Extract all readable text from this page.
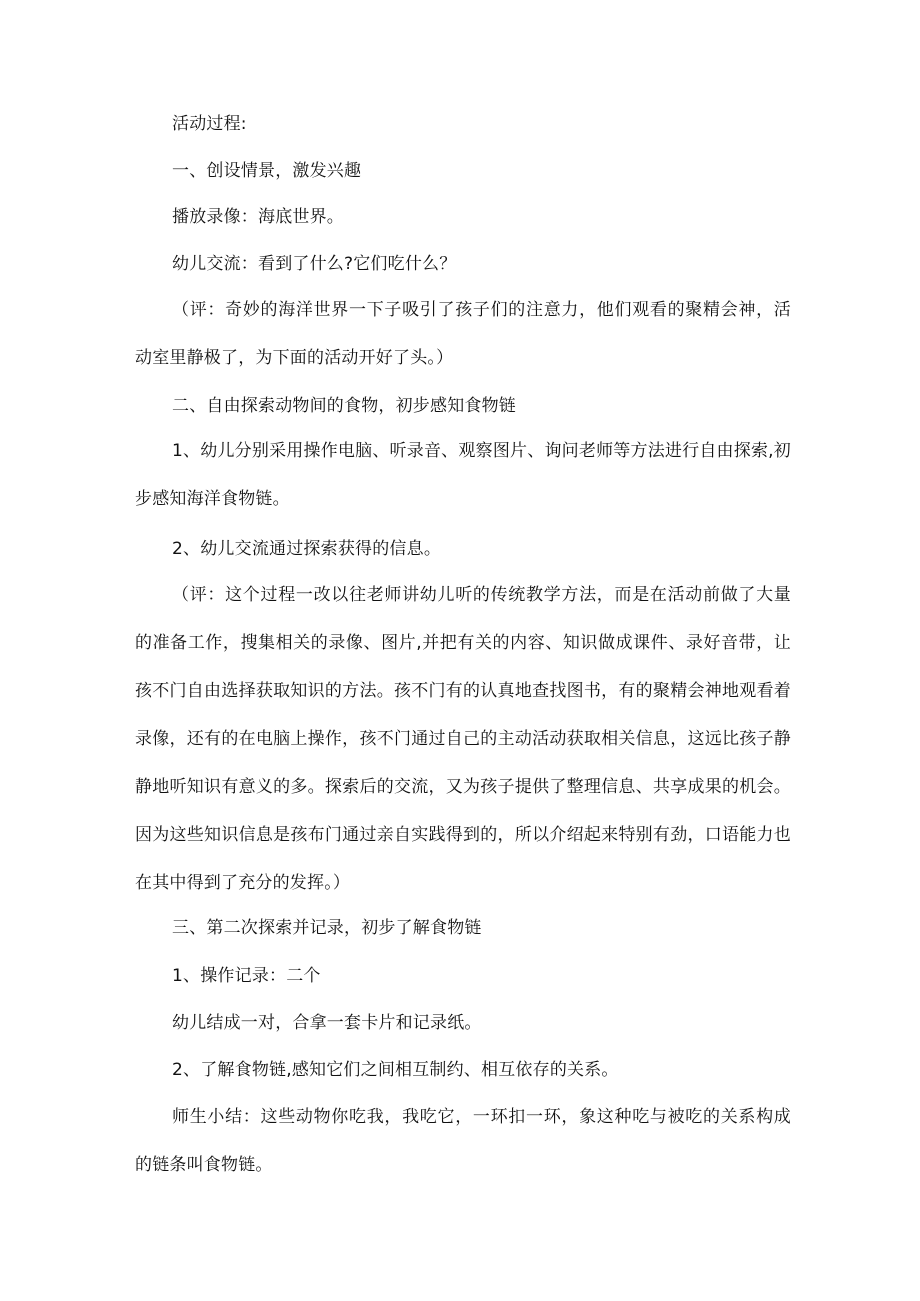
活动过程:
一、创设情景，激发兴趣
播放录像：海底世界。
幼儿交流：看到了什么?它们吃什么？
（评：奇妙的海洋世界一下子吸引了孩子们的注意力，他们观看的聚精会神，活动室里静极了，为下面的活动开好了头。）
二、自由探索动物间的食物，初步感知食物链
1、幼儿分别采用操作电脑、听录音、观察图片、询问老师等方法进行自由探索,初步感知海洋食物链。
2、幼儿交流通过探索获得的信息。
（评：这个过程一改以往老师讲幼儿听的传统教学方法，而是在活动前做了大量的准备工作，搜集相关的录像、图片,并把有关的内容、知识做成课件、录好音带，让孩不门自由选择获取知识的方法。孩不门有的认真地查找图书，有的聚精会神地观看着录像，还有的在电脑上操作，孩不门通过自己的主动活动获取相关信息，这远比孩子静静地听知识有意义的多。探索后的交流，又为孩子提供了整理信息、共享成果的机会。因为这些知识信息是孩布门通过亲自实践得到的，所以介绍起来特别有劲，口语能力也在其中得到了充分的发挥。）
三、第二次探索并记录，初步了解食物链
1、操作记录：二个
幼儿结成一对，合拿一套卡片和记录纸。
2、了解食物链,感知它们之间相互制约、相互依存的关系。
师生小结：这些动物你吃我，我吃它，一环扣一环，象这种吃与被吃的关系构成的链条叫食物链。
